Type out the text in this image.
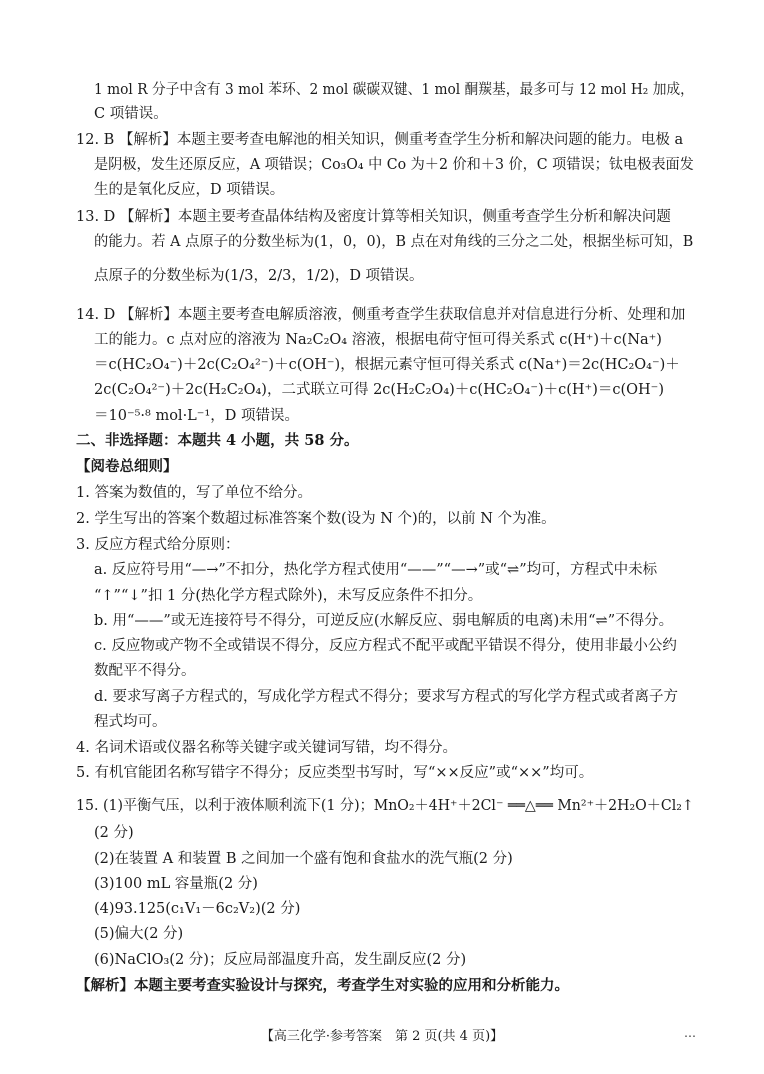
1 mol R 分子中含有 3 mol 苯环、2 mol 碳碳双键、1 mol 酮羰基，最多可与 12 mol H₂ 加成，
C 项错误。
12. B 【解析】本题主要考查电解池的相关知识，侧重考查学生分析和解决问题的能力。电极 a
是阴极，发生还原反应，A 项错误；Co₃O₄ 中 Co 为＋2 价和＋3 价，C 项错误；钛电极表面发
生的是氧化反应，D 项错误。
13. D 【解析】本题主要考查晶体结构及密度计算等相关知识，侧重考查学生分析和解决问题
的能力。若 A 点原子的分数坐标为(1，0，0)，B 点在对角线的三分之二处，根据坐标可知，B
点原子的分数坐标为(1/3，2/3，1/2)，D 项错误。
14. D 【解析】本题主要考查电解质溶液，侧重考查学生获取信息并对信息进行分析、处理和加
工的能力。c 点对应的溶液为 Na₂C₂O₄ 溶液，根据电荷守恒可得关系式 c(H⁺)＋c(Na⁺)
＝c(HC₂O₄⁻)＋2c(C₂O₄²⁻)＋c(OH⁻)，根据元素守恒可得关系式 c(Na⁺)＝2c(HC₂O₄⁻)＋
2c(C₂O₄²⁻)＋2c(H₂C₂O₄)，二式联立可得 2c(H₂C₂O₄)＋c(HC₂O₄⁻)＋c(H⁺)＝c(OH⁻)
＝10⁻⁵·⁸ mol·L⁻¹，D 项错误。
二、非选择题：本题共 4 小题，共 58 分。
【阅卷总细则】
1. 答案为数值的，写了单位不给分。
2. 学生写出的答案个数超过标准答案个数(设为 N 个)的，以前 N 个为准。
3. 反应方程式给分原则：
a. 反应符号用“—→”不扣分，热化学方程式使用“——”“—→”或“⇌”均可，方程式中未标
“↑”“↓”扣 1 分(热化学方程式除外)，未写反应条件不扣分。
b. 用“——”或无连接符号不得分，可逆反应(水解反应、弱电解质的电离)未用“⇌”不得分。
c. 反应物或产物不全或错误不得分，反应方程式不配平或配平错误不得分，使用非最小公约
数配平不得分。
d. 要求写离子方程式的，写成化学方程式不得分；要求写方程式的写化学方程式或者离子方
程式均可。
4. 名词术语或仪器名称等关键字或关键词写错，均不得分。
5. 有机官能团名称写错字不得分；反应类型书写时，写“××反应”或“××”均可。
15. (1)平衡气压，以利于液体顺利流下(1 分)；MnO₂＋4H⁺＋2Cl⁻ ══△══ Mn²⁺＋2H₂O＋Cl₂↑
(2 分)
(2)在装置 A 和装置 B 之间加一个盛有饱和食盐水的洗气瓶(2 分)
(3)100 mL 容量瓶(2 分)
(4)93.125(c₁V₁－6c₂V₂)(2 分)
(5)偏大(2 分)
(6)NaClO₃(2 分)；反应局部温度升高，发生副反应(2 分)
【解析】本题主要考查实验设计与探究，考查学生对实验的应用和分析能力。
【高三化学·参考答案　第 2 页(共 4 页)】	…
